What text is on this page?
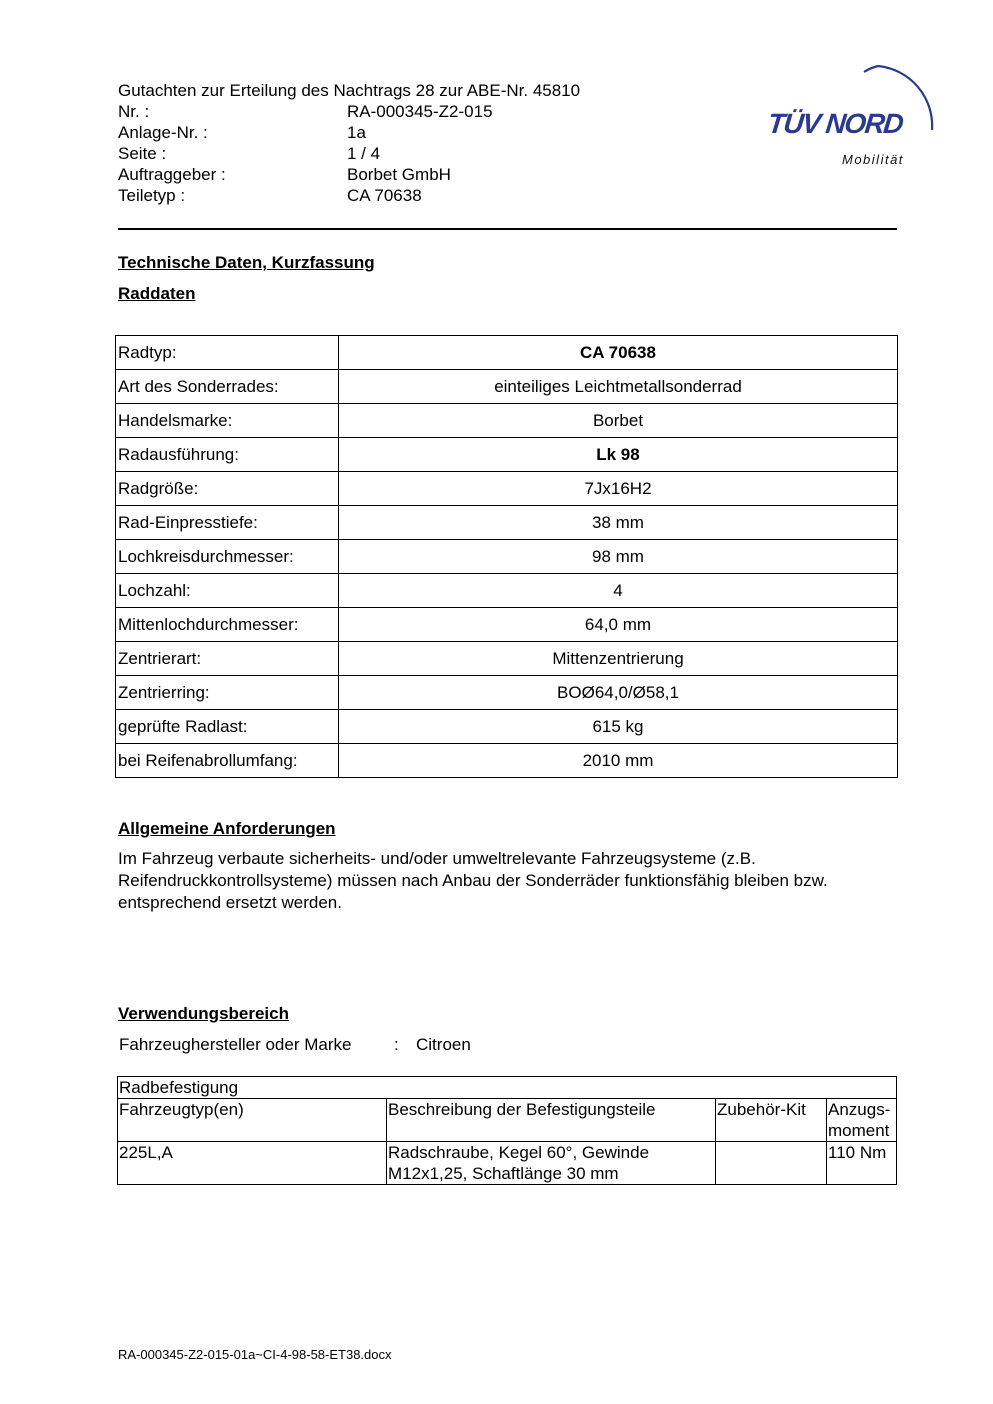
Gutachten zur Erteilung des Nachtrags 28 zur ABE-Nr. 45810
Nr. :	RA-000345-Z2-015
Anlage-Nr. :	1a
Seite :	1 / 4
Auftraggeber :	Borbet GmbH
Teiletyp :	CA 70638

TÜV NORD

Mobilität

Technische Daten, Kurzfassung

Raddaten

Radtyp:	CA 70638
Art des Sonderrades:	einteiliges Leichtmetallsonderrad
Handelsmarke:	Borbet
Radausführung:	Lk 98
Radgröße:	7Jx16H2
Rad-Einpresstiefe:	38 mm
Lochkreisdurchmesser:	98 mm
Lochzahl:	4
Mittenlochdurchmesser:	64,0 mm
Zentrierart:	Mittenzentrierung
Zentrierring:	BOØ64,0/Ø58,1
geprüfte Radlast:	615 kg
bei Reifenabrollumfang:	2010 mm

Allgemeine Anforderungen

Im Fahrzeug verbaute sicherheits- und/oder umweltrelevante Fahrzeugsysteme (z.B. Reifendruckkontrollsysteme) müssen nach Anbau der Sonderräder funktionsfähig bleiben bzw. entsprechend ersetzt werden.

Verwendungsbereich

Fahrzeughersteller oder Marke	: Citroen
Radbefestigung			
Fahrzeugtyp(en)	Beschreibung der Befestigungsteile	Zubehör-Kit	Anzugs-moment
225L,A	Radschraube, Kegel 60°, Gewinde M12x1,25, Schaftlänge 30 mm		110 Nm
RA-000345-Z2-015-01a~CI-4-98-58-ET38.docx
